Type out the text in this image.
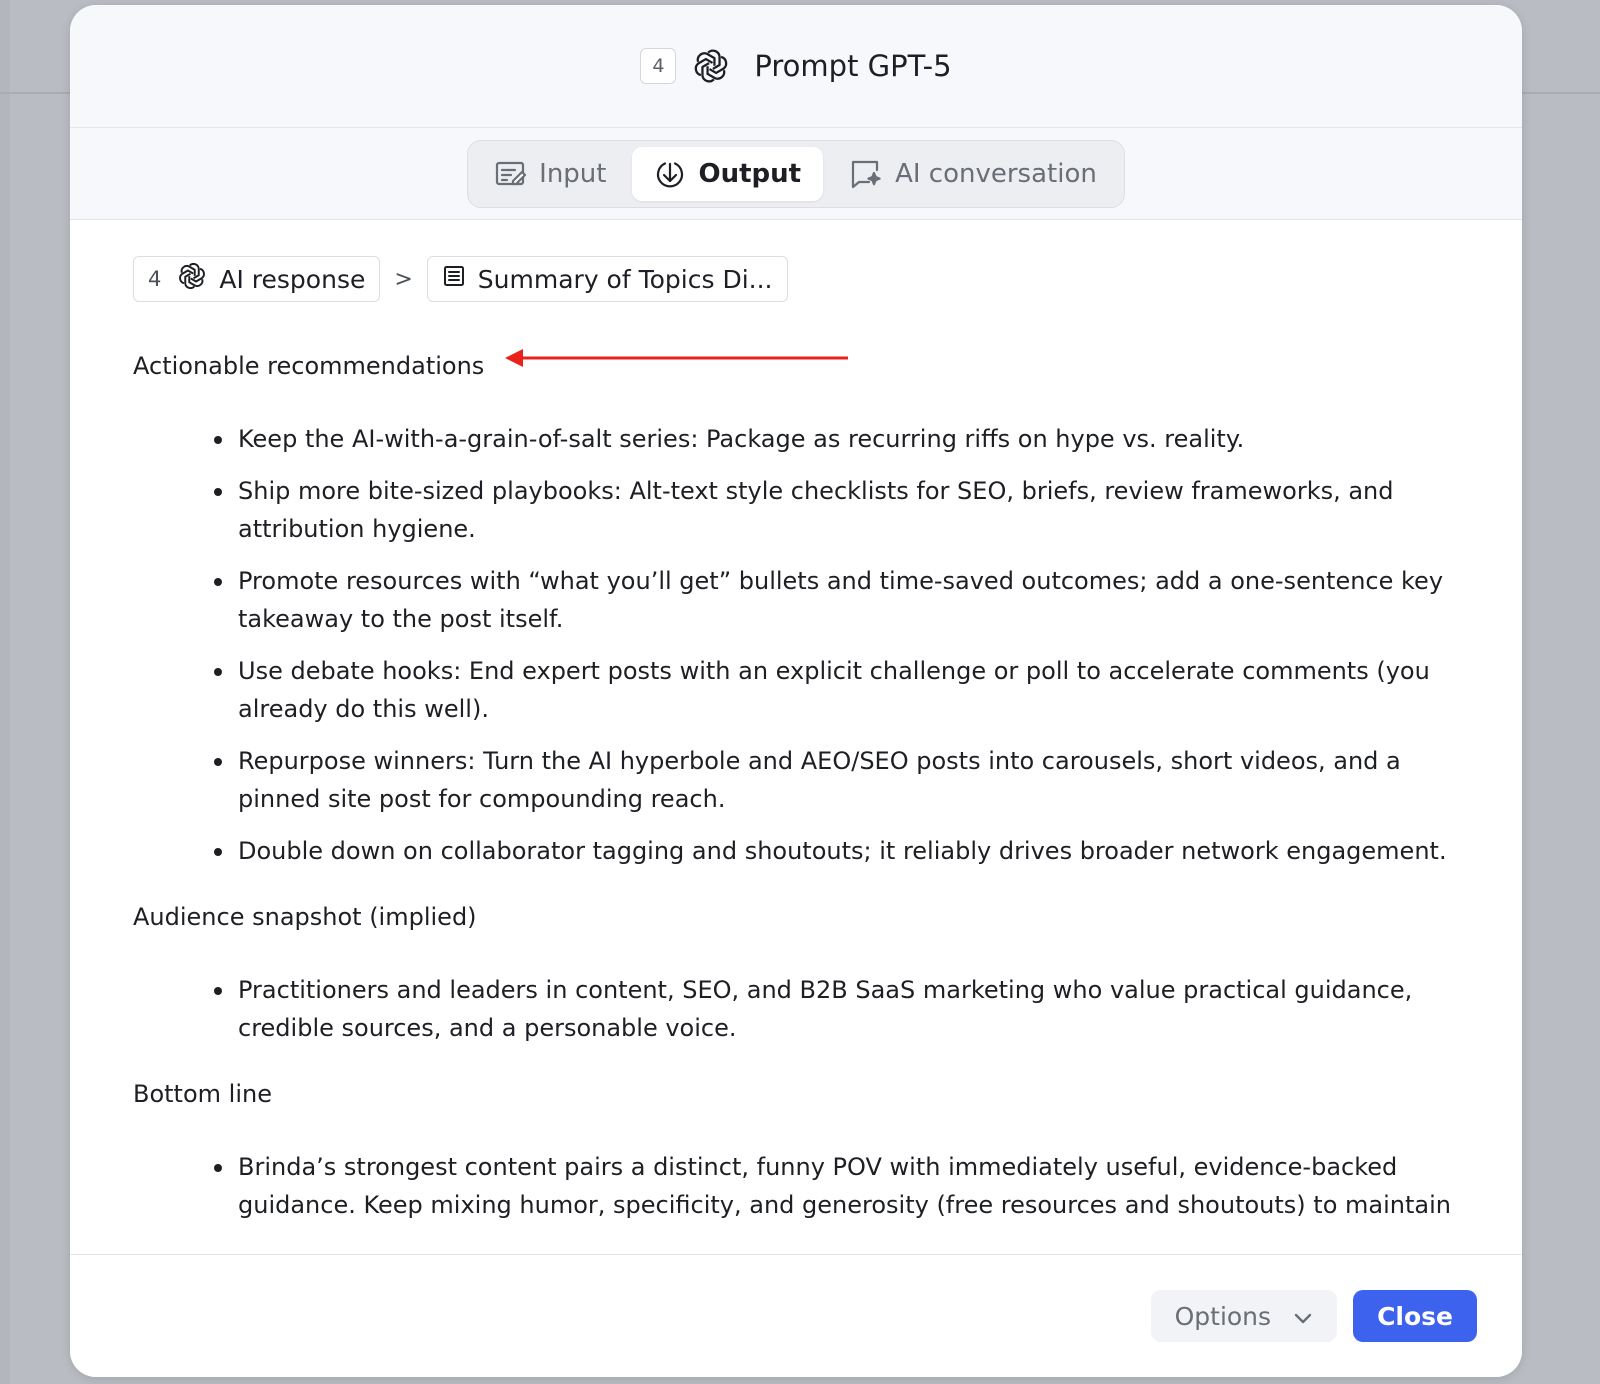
4	Prompt GPT-5
Input	Output	AI conversation
4 AI response >	Summary of Topics Di...
Actionable recommendations
Keep the AI-with-a-grain-of-salt series: Package as recurring riffs on hype vs. reality.
Ship more bite-sized playbooks: Alt-text style checklists for SEO, briefs, review frameworks, and attribution hygiene.
Promote resources with “what you’ll get” bullets and time-saved outcomes; add a one-sentence key takeaway to the post itself.
Use debate hooks: End expert posts with an explicit challenge or poll to accelerate comments (you already do this well).
Repurpose winners: Turn the AI hyperbole and AEO/SEO posts into carousels, short videos, and a pinned site post for compounding reach.
Double down on collaborator tagging and shoutouts; it reliably drives broader network engagement.
Audience snapshot (implied)
Practitioners and leaders in content, SEO, and B2B SaaS marketing who value practical guidance, credible sources, and a personable voice.
Bottom line
Brinda’s strongest content pairs a distinct, funny POV with immediately useful, evidence-backed guidance. Keep mixing humor, specificity, and generosity (free resources and shoutouts) to maintain
Options	Close
